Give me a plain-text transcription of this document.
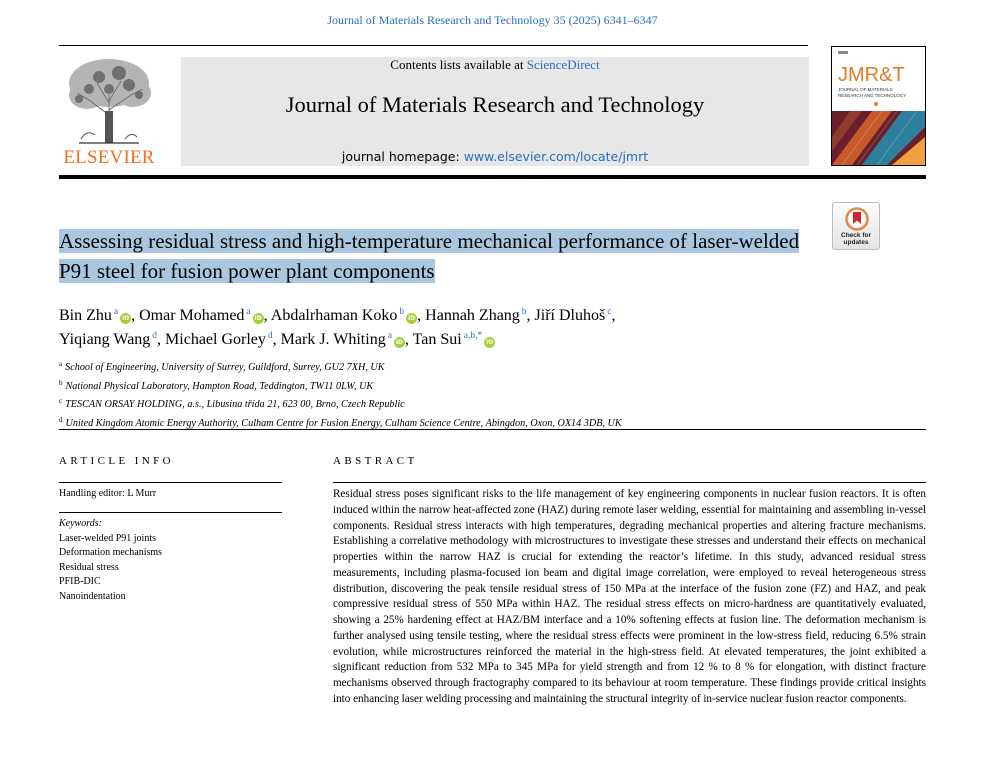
Journal of Materials Research and Technology 35 (2025) 6341–6347
ELSEVIER
Contents lists available at ScienceDirect
Journal of Materials Research and Technology
journal homepage: www.elsevier.com/locate/jmrt
JMR&T
JOURNAL OF MATERIALS
RESEARCH AND TECHNOLOGY
Check for updates
Assessing residual stress and high-temperature mechanical performance of laser-welded P91 steel for fusion power plant components
Bin Zhu $^a$iD , Omar Mohamed $^a$iD , Abdalrhaman Koko $^b$iD , Hannah Zhang $^b$, Jiří Dluhoš $^c$,
Yiqiang Wang $^d$, Michael Gorley $^d$, Mark J. Whiting $^a$iD , Tan Sui $^{a,b,*}$iD
$^a$ School of Engineering, University of Surrey, Guildford, Surrey, GU2 7XH, UK
$^b$ National Physical Laboratory, Hampton Road, Teddington, TW11 0LW, UK
$^c$ TESCAN ORSAY HOLDING, a.s., Libusina třída 21, 623 00, Brno, Czech Republic
$^d$ United Kingdom Atomic Energy Authority, Culham Centre for Fusion Energy, Culham Science Centre, Abingdon, Oxon, OX14 3DB, UK
ARTICLE INFO
Handling editor: L Murr
Keywords:
Laser-welded P91 joints
Deformation mechanisms
Residual stress
PFIB-DIC
Nanoindentation
ABSTRACT
Residual stress poses significant risks to the life management of key engineering components in nuclear fusion reactors. It is often induced within the narrow heat-affected zone (HAZ) during remote laser welding, essential for maintaining and assembling in-vessel components. Residual stress interacts with high temperatures, degrading mechanical properties and altering fracture mechanisms. Establishing a correlative methodology with microstructures to investigate these stresses and understand their effects on mechanical properties within the narrow HAZ is crucial for extending the reactor’s lifetime. In this study, advanced residual stress measurements, including plasma-focused ion beam and digital image correlation, were employed to reveal heterogeneous stress distribution, discovering the peak tensile residual stress of 150 MPa at the interface of the fusion zone (FZ) and HAZ, and peak compressive residual stress of 550 MPa within HAZ. The residual stress effects on micro-hardness are quantitatively evaluated, showing a 25% hardening effect at HAZ/BM interface and a 10% softening effects at fusion line. The deformation mechanism is further analysed using tensile testing, where the residual stress effects were prominent in the low-stress field, reducing 6.5% strain evolution, while microstructures reinforced the material in the high-stress field. At elevated temperatures, the joint exhibited a significant reduction from 532 MPa to 345 MPa for yield strength and from 12 % to 8 % for elongation, with distinct fracture mechanisms observed through fractography compared to its behaviour at room temperature. These findings provide critical insights into enhancing laser welding processing and maintaining the structural integrity of in-service nuclear fusion reactor components.
